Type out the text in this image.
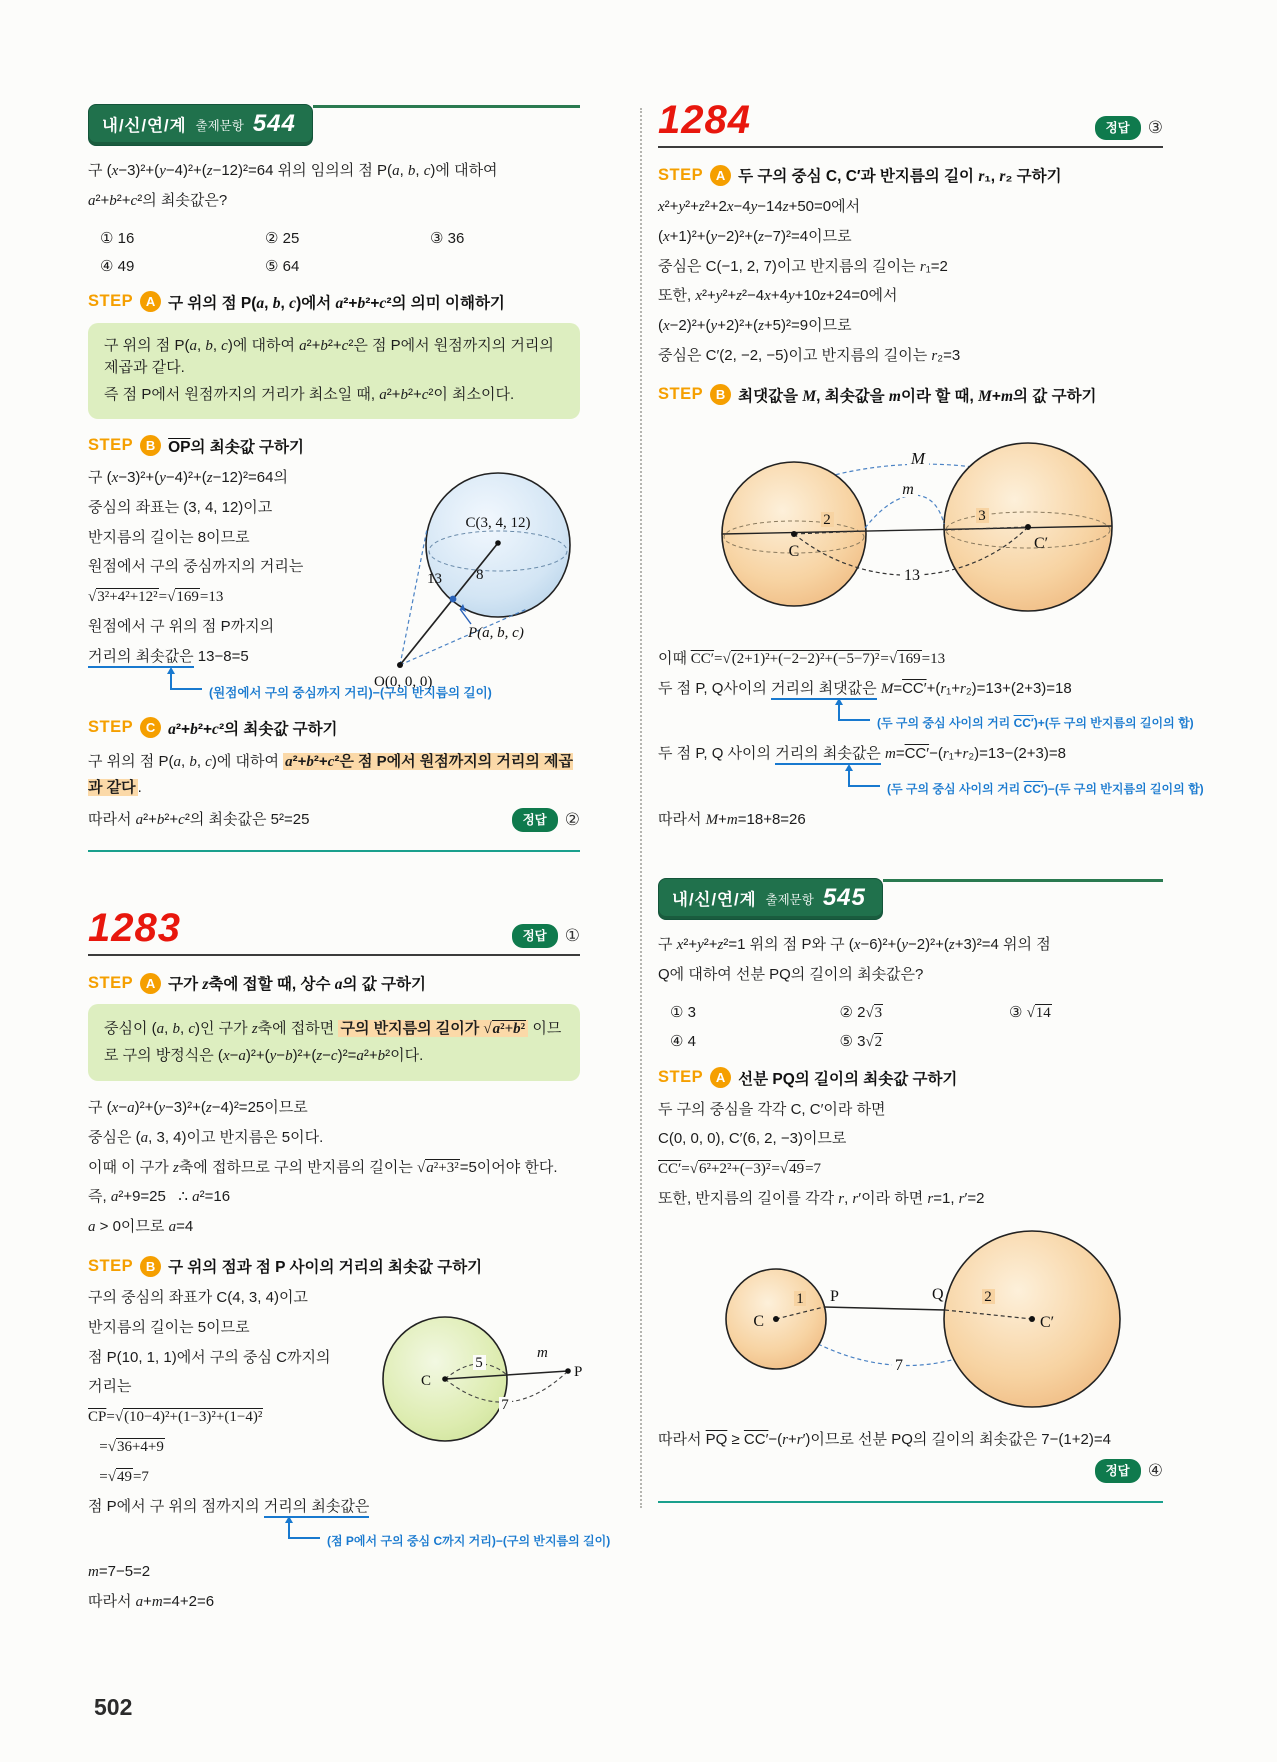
내/신/연/계 출제문항 544

구 (x−3)²+(y−4)²+(z−12)²=64 위의 임의의 점 P(a, b, c)에 대하여

a²+b²+c²의 최솟값은?

① 16	② 25	③ 36
④ 49	⑤ 64
STEP A 구 위의 점 P(a, b, c)에서 a²+b²+c²의 의미 이해하기

구 위의 점 P(a, b, c)에 대하여 a²+b²+c²은 점 P에서 원점까지의 거리의 제곱과 같다.

즉 점 P에서 원점까지의 거리가 최소일 때, a²+b²+c²이 최소이다.

STEP B $\overline{OP}$의 최솟값 구하기
C(3, 4, 12)
13 8
P(a, b, c)
O(0, 0, 0)

구 (x−3)²+(y−4)²+(z−12)²=64의

중심의 좌표는 (3, 4, 12)이고

반지름의 길이는 8이므로

원점에서 구의 중심까지의 거리는

√3²+4²+12²=√169=13

원점에서 구 위의 점 P까지의

거리의 최솟값은 13−8=5

(원점에서 구의 중심까지 거리)−(구의 반지름의 길이)
STEP C a²+b²+c²의 최솟값 구하기

구 위의 점 P(a, b, c)에 대하여 a²+b²+c²은 점 P에서 원점까지의 거리의 제곱과 같다 .

따라서 a²+b²+c²의 최솟값은 5²=25	정답	②
1283	정답	①
STEP A 구가 z축에 접할 때, 상수 a의 값 구하기

중심이 (a, b, c)인 구가 z축에 접하면 구의 반지름의 길이가 √a²+b² 이므로 구의 방정식은 (x−a)²+(y−b)²+(z−c)²=a²+b²이다.

구 (x−a)²+(y−3)²+(z−4)²=25이므로

중심은 (a, 3, 4)이고 반지름은 5이다.

이때 이 구가 z축에 접하므로 구의 반지름의 길이는 √a²+3²=5이어야 한다.

즉, a²+9=25   ∴ a²=16

a > 0이므로 a=4

STEP B 구 위의 점과 점 P 사이의 거리의 최솟값 구하기
C
5
7
m
P

구의 중심의 좌표가 C(4, 3, 4)이고

반지름의 길이는 5이므로

점 P(10, 1, 1)에서 구의 중심 C까지의

거리는

$\overline{CP}=√(10-4)^2+(1-3)^2+(1-4)^2$

=√36+4+9

=√49=7

점 P에서 구 위의 점까지의 거리의 최솟값은

(점 P에서 구의 중심 C까지 거리)−(구의 반지름의 길이)

m=7−5=2

따라서 a+m=4+2=6

1284	정답	③
STEP A 두 구의 중심 C, C′과 반지름의 길이 r₁, r₂ 구하기

x²+y²+z²+2x−4y−14z+50=0에서

(x+1)²+(y−2)²+(z−7)²=4이므로

중심은 C(−1, 2, 7)이고 반지름의 길이는 r₁=2

또한, x²+y²+z²−4x+4y+10z+24=0에서

(x−2)²+(y+2)²+(z+5)²=9이므로

중심은 C′(2, −2, −5)이고 반지름의 길이는 r₂=3

STEP B 최댓값을 M, 최솟값을 m이라 할 때, M+m의 값 구하기
M
m
2	3
13
C	C′

이때 CC′=√(2+1)²+(−2−2)²+(−5−7)²=√169=13

두 점 P, Q사이의 거리의 최댓값은 M=CC′+(r₁+r₂)=13+(2+3)=18

(두 구의 중심 사이의 거리 CC′)+(두 구의 반지름의 길이의 합)

두 점 P, Q 사이의 거리의 최솟값은 m=CC′−(r₁+r₂)=13−(2+3)=8

(두 구의 중심 사이의 거리 CC′)−(두 구의 반지름의 길이의 합)

따라서 M+m=18+8=26

내/신/연/계 출제문항 545

구 x²+y²+z²=1 위의 점 P와 구 (x−6)²+(y−2)²+(z+3)²=4 위의 점

Q에 대하여 선분 PQ의 길이의 최솟값은?

① 3	② 2√3	③ √14
④ 4	⑤ 3√2
STEP A 선분 PQ의 길이의 최솟값 구하기

두 구의 중심을 각각 C, C′이라 하면

C(0, 0, 0), C′(6, 2, −3)이므로

CC′=√6²+2²+(−3)²=√49=7

또한, 반지름의 길이를 각각 r, r′이라 하면 r=1, r′=2

C
1 P	Q	2
C′
7

따라서 $\overline{PQ} \ge CC'-(r+r')$이므로 선분 PQ의 길이의 최솟값은 7−(1+2)=4

정답	④
502
